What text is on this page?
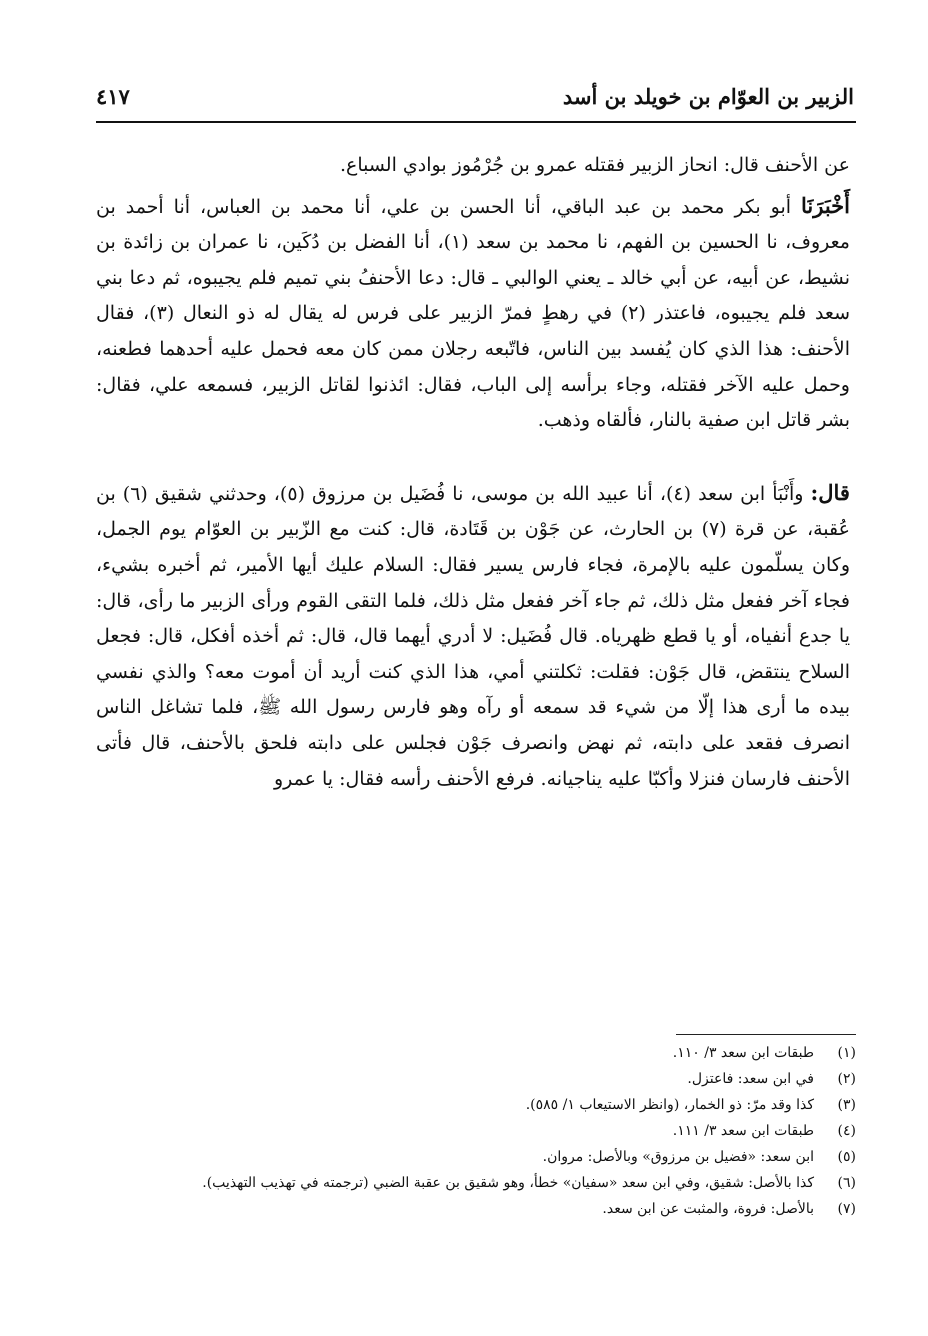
الزبير بن العوّام بن خويلد بن أسد
٤١٧

عن الأحنف قال: انحاز الزبير فقتله عمرو بن جُرْمُوز بوادي السباع.

أَخْبَرَنَا أبو بكر محمد بن عبد الباقي، أنا الحسن بن علي، أنا محمد بن العباس، أنا أحمد بن معروف، نا الحسين بن الفهم، نا محمد بن سعد (١)، أنا الفضل بن دُكَين، نا عمران بن زائدة بن نشيط، عن أبيه، عن أبي خالد ـ يعني الوالبي ـ قال: دعا الأحنفُ بني تميم فلم يجيبوه، ثم دعا بني سعد فلم يجيبوه، فاعتذر (٢) في رهطٍ فمرّ الزبير على فرس له يقال له ذو النعال (٣)، فقال الأحنف: هذا الذي كان يُفسد بين الناس، فاتّبعه رجلان ممن كان معه فحمل عليه أحدهما فطعنه، وحمل عليه الآخر فقتله، وجاء برأسه إلى الباب، فقال: ائذنوا لقاتل الزبير، فسمعه علي، فقال: بشر قاتل ابن صفية بالنار، فألقاه وذهب.

قال: وأَنْبَأ ابن سعد (٤)، أنا عبيد الله بن موسى، نا فُضَيل بن مرزوق (٥)، وحدثني شقيق (٦) بن عُقبة، عن قرة (٧) بن الحارث، عن جَوْن بن قَتَادة، قال: كنت مع الزّبير بن العوّام يوم الجمل، وكان يسلّمون عليه بالإمرة، فجاء فارس يسير فقال: السلام عليك أيها الأمير، ثم أخبره بشيء، فجاء آخر ففعل مثل ذلك، ثم جاء آخر ففعل مثل ذلك، فلما التقى القوم ورأى الزبير ما رأى، قال: يا جدع أنفياه، أو يا قطع ظهرياه. قال فُضَيل: لا أدري أيهما قال، قال: ثم أخذه أفكل، قال: فجعل السلاح ينتقض، قال جَوْن: فقلت: ثكلتني أمي، هذا الذي كنت أريد أن أموت معه؟ والذي نفسي بيده ما أرى هذا إلّا من شيء قد سمعه أو رآه وهو فارس رسول الله ﷺ، فلما تشاغل الناس انصرف فقعد على دابته، ثم نهض وانصرف جَوْن فجلس على دابته فلحق بالأحنف، قال فأتى الأحنف فارسان فنزلا وأكبّا عليه يناجيانه. فرفع الأحنف رأسه فقال: يا عمرو

(١)
طبقات ابن سعد ٣/ ١١٠.
(٢)
في ابن سعد: فاعتزل.
(٣)
كذا وقد مرّ: ذو الخمار، (وانظر الاستيعاب ١/ ٥٨٥).
(٤)
طبقات ابن سعد ٣/ ١١١.
(٥)
ابن سعد: «فضيل بن مرزوق» وبالأصل: مروان.
(٦)
كذا بالأصل: شقيق، وفي ابن سعد «سفيان» خطأ، وهو شقيق بن عقبة الضبي (ترجمته في تهذيب التهذيب).
(٧)
بالأصل: فروة، والمثبت عن ابن سعد.
